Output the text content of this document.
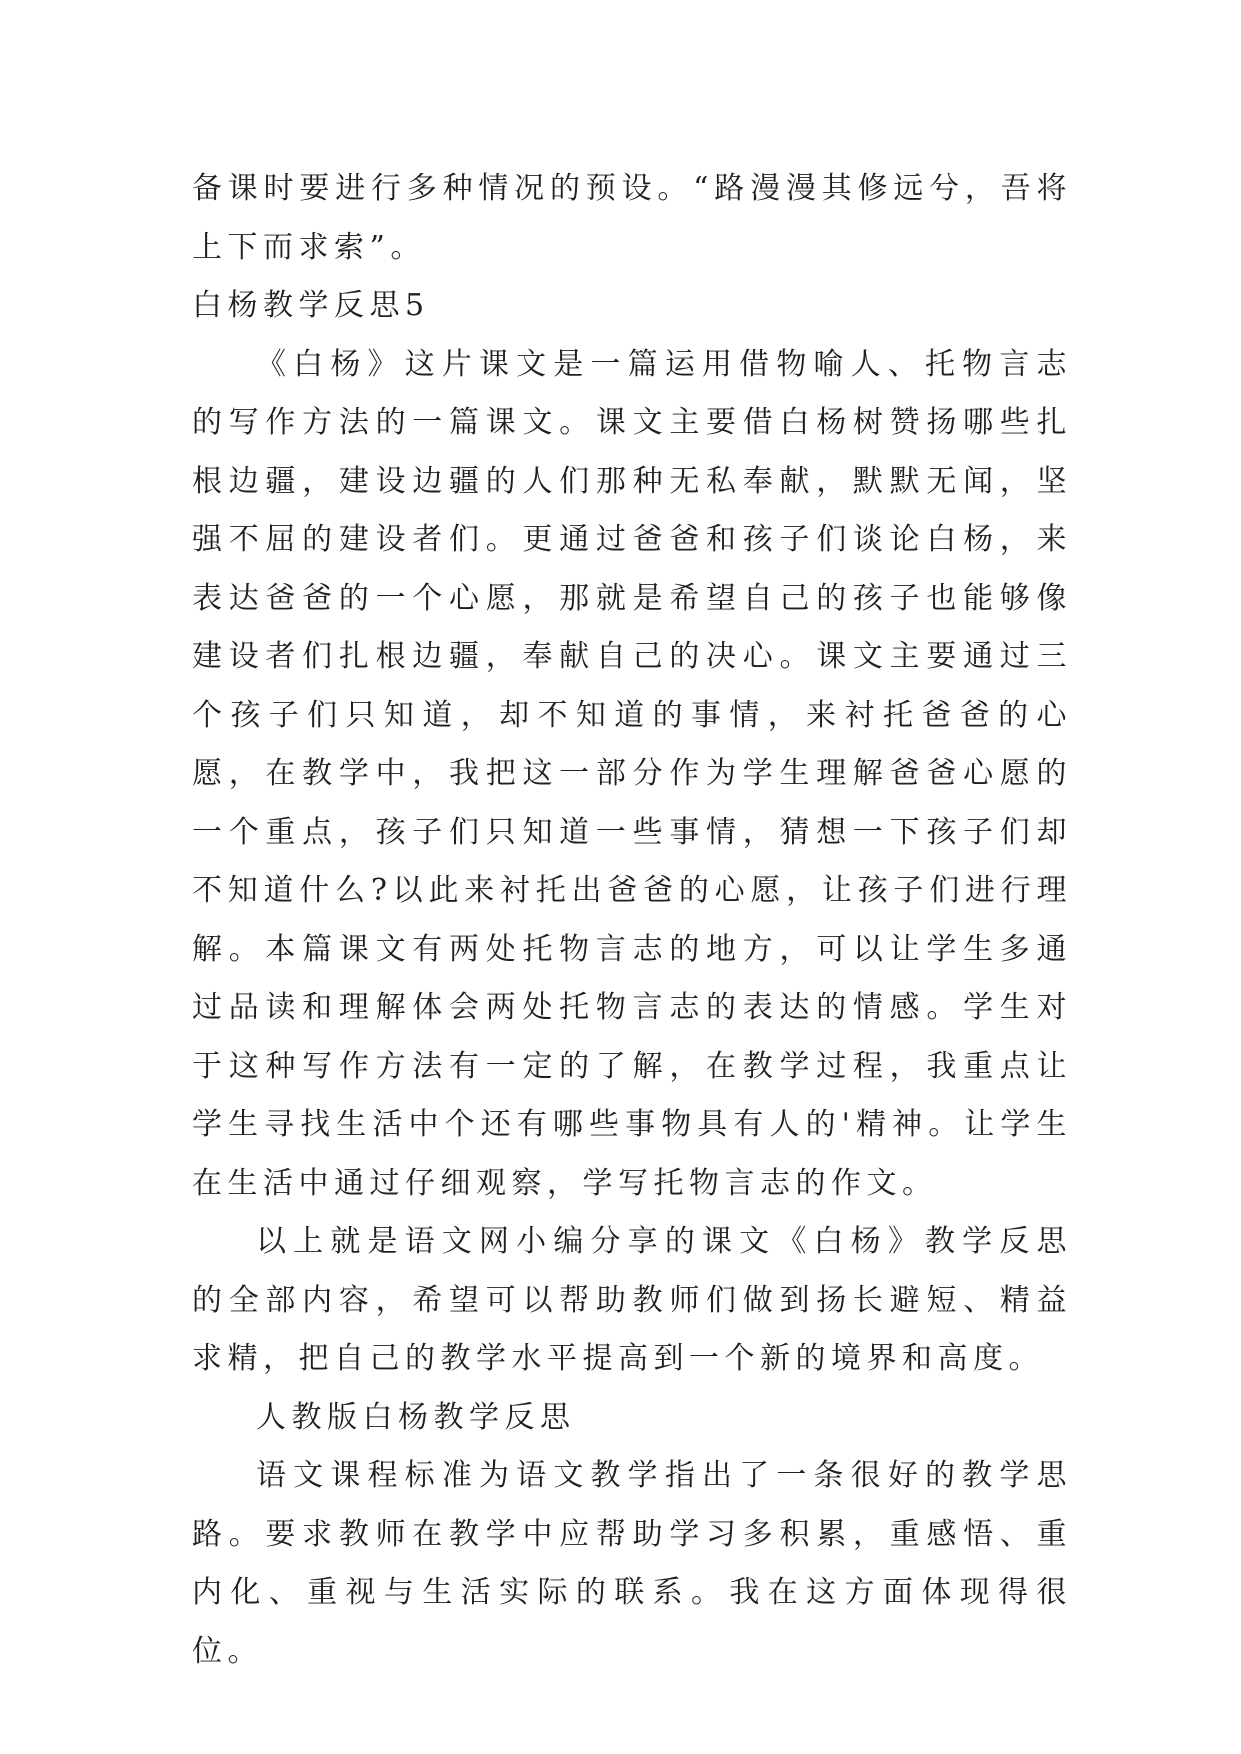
备课时要进行多种情况的预设。“路漫漫其修远兮，吾将上下而求索”。

白杨教学反思5

《白杨》这片课文是一篇运用借物喻人、托物言志的写作方法的一篇课文。课文主要借白杨树赞扬哪些扎根边疆，建设边疆的人们那种无私奉献，默默无闻，坚强不屈的建设者们。更通过爸爸和孩子们谈论白杨，来表达爸爸的一个心愿，那就是希望自己的孩子也能够像建设者们扎根边疆，奉献自己的决心。课文主要通过三个孩子们只知道，却不知道的事情，来衬托爸爸的心愿，在教学中，我把这一部分作为学生理解爸爸心愿的一个重点，孩子们只知道一些事情，猜想一下孩子们却不知道什么?以此来衬托出爸爸的心愿，让孩子们进行理解。本篇课文有两处托物言志的地方，可以让学生多通过品读和理解体会两处托物言志的表达的情感。学生对于这种写作方法有一定的了解，在教学过程，我重点让学生寻找生活中个还有哪些事物具有人的'精神。让学生在生活中通过仔细观察，学写托物言志的作文。

以上就是语文网小编分享的课文《白杨》教学反思的全部内容，希望可以帮助教师们做到扬长避短、精益求精，把自己的教学水平提高到一个新的境界和高度。

人教版白杨教学反思

语文课程标准为语文教学指出了一条很好的教学思路。要求教师在教学中应帮助学习多积累，重感悟、重内化、重视与生活实际的联系。我在这方面体现得很位。
